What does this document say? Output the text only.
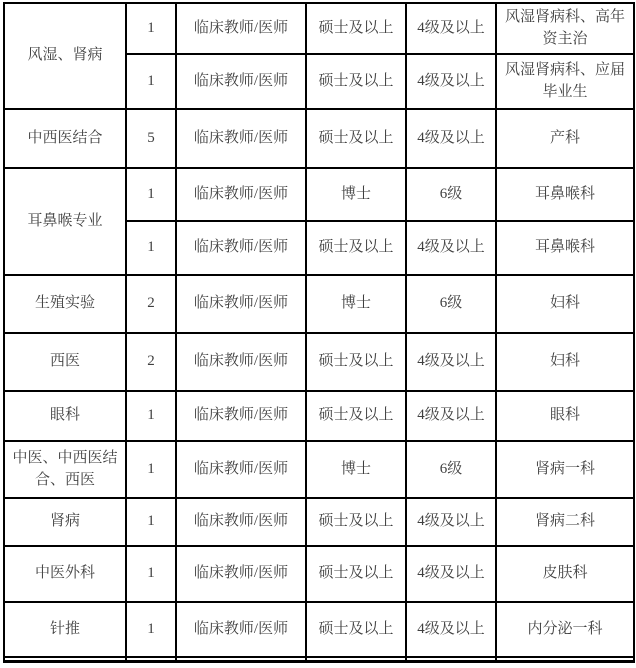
风湿、肾病	1	临床教师/医师	硕士及以上	4级及以上	风湿肾病科、高年资主治
	1	临床教师/医师	硕士及以上	4级及以上	风湿肾病科、应届毕业生
中西医结合	5	临床教师/医师	硕士及以上	4级及以上	产科
耳鼻喉专业	1	临床教师/医师	博士	6级	耳鼻喉科
	1	临床教师/医师	硕士及以上	4级及以上	耳鼻喉科
生殖实验	2	临床教师/医师	博士	6级	妇科
西医	2	临床教师/医师	硕士及以上	4级及以上	妇科
眼科	1	临床教师/医师	硕士及以上	4级及以上	眼科
中医、中西医结合、西医	1	临床教师/医师	博士	6级	肾病一科
肾病	1	临床教师/医师	硕士及以上	4级及以上	肾病二科
中医外科	1	临床教师/医师	硕士及以上	4级及以上	皮肤科
针推	1	临床教师/医师	硕士及以上	4级及以上	内分泌一科
